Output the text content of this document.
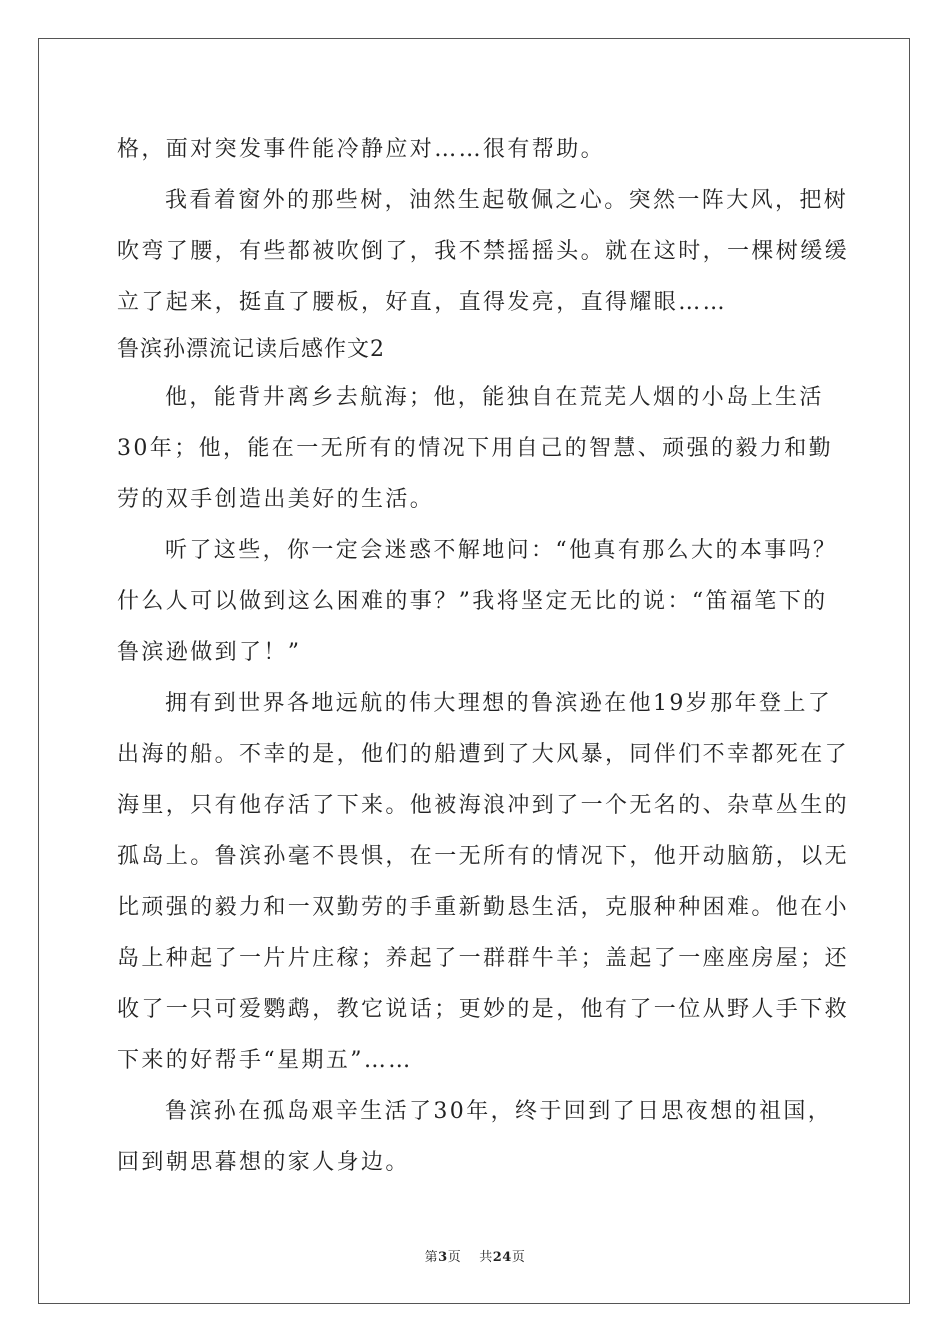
格，面对突发事件能冷静应对……很有帮助。
我看着窗外的那些树，油然生起敬佩之心。突然一阵大风，把树
吹弯了腰，有些都被吹倒了，我不禁摇摇头。就在这时，一棵树缓缓
立了起来，挺直了腰板，好直，直得发亮，直得耀眼……
鲁滨孙漂流记读后感作文2
他，能背井离乡去航海；他，能独自在荒芜人烟的小岛上生活
30年；他，能在一无所有的情况下用自己的智慧、顽强的毅力和勤
劳的双手创造出美好的生活。
听了这些，你一定会迷惑不解地问：“他真有那么大的本事吗？
什么人可以做到这么困难的事？”我将坚定无比的说：“笛福笔下的
鲁滨逊做到了！”
拥有到世界各地远航的伟大理想的鲁滨逊在他19岁那年登上了
出海的船。不幸的是，他们的船遭到了大风暴，同伴们不幸都死在了
海里，只有他存活了下来。他被海浪冲到了一个无名的、杂草丛生的
孤岛上。鲁滨孙毫不畏惧，在一无所有的情况下，他开动脑筋，以无
比顽强的毅力和一双勤劳的手重新勤恳生活，克服种种困难。他在小
岛上种起了一片片庄稼；养起了一群群牛羊；盖起了一座座房屋；还
收了一只可爱鹦鹉，教它说话；更妙的是，他有了一位从野人手下救
下来的好帮手“星期五”……
鲁滨孙在孤岛艰辛生活了30年，终于回到了日思夜想的祖国，
回到朝思暮想的家人身边。
第3页 共24页
